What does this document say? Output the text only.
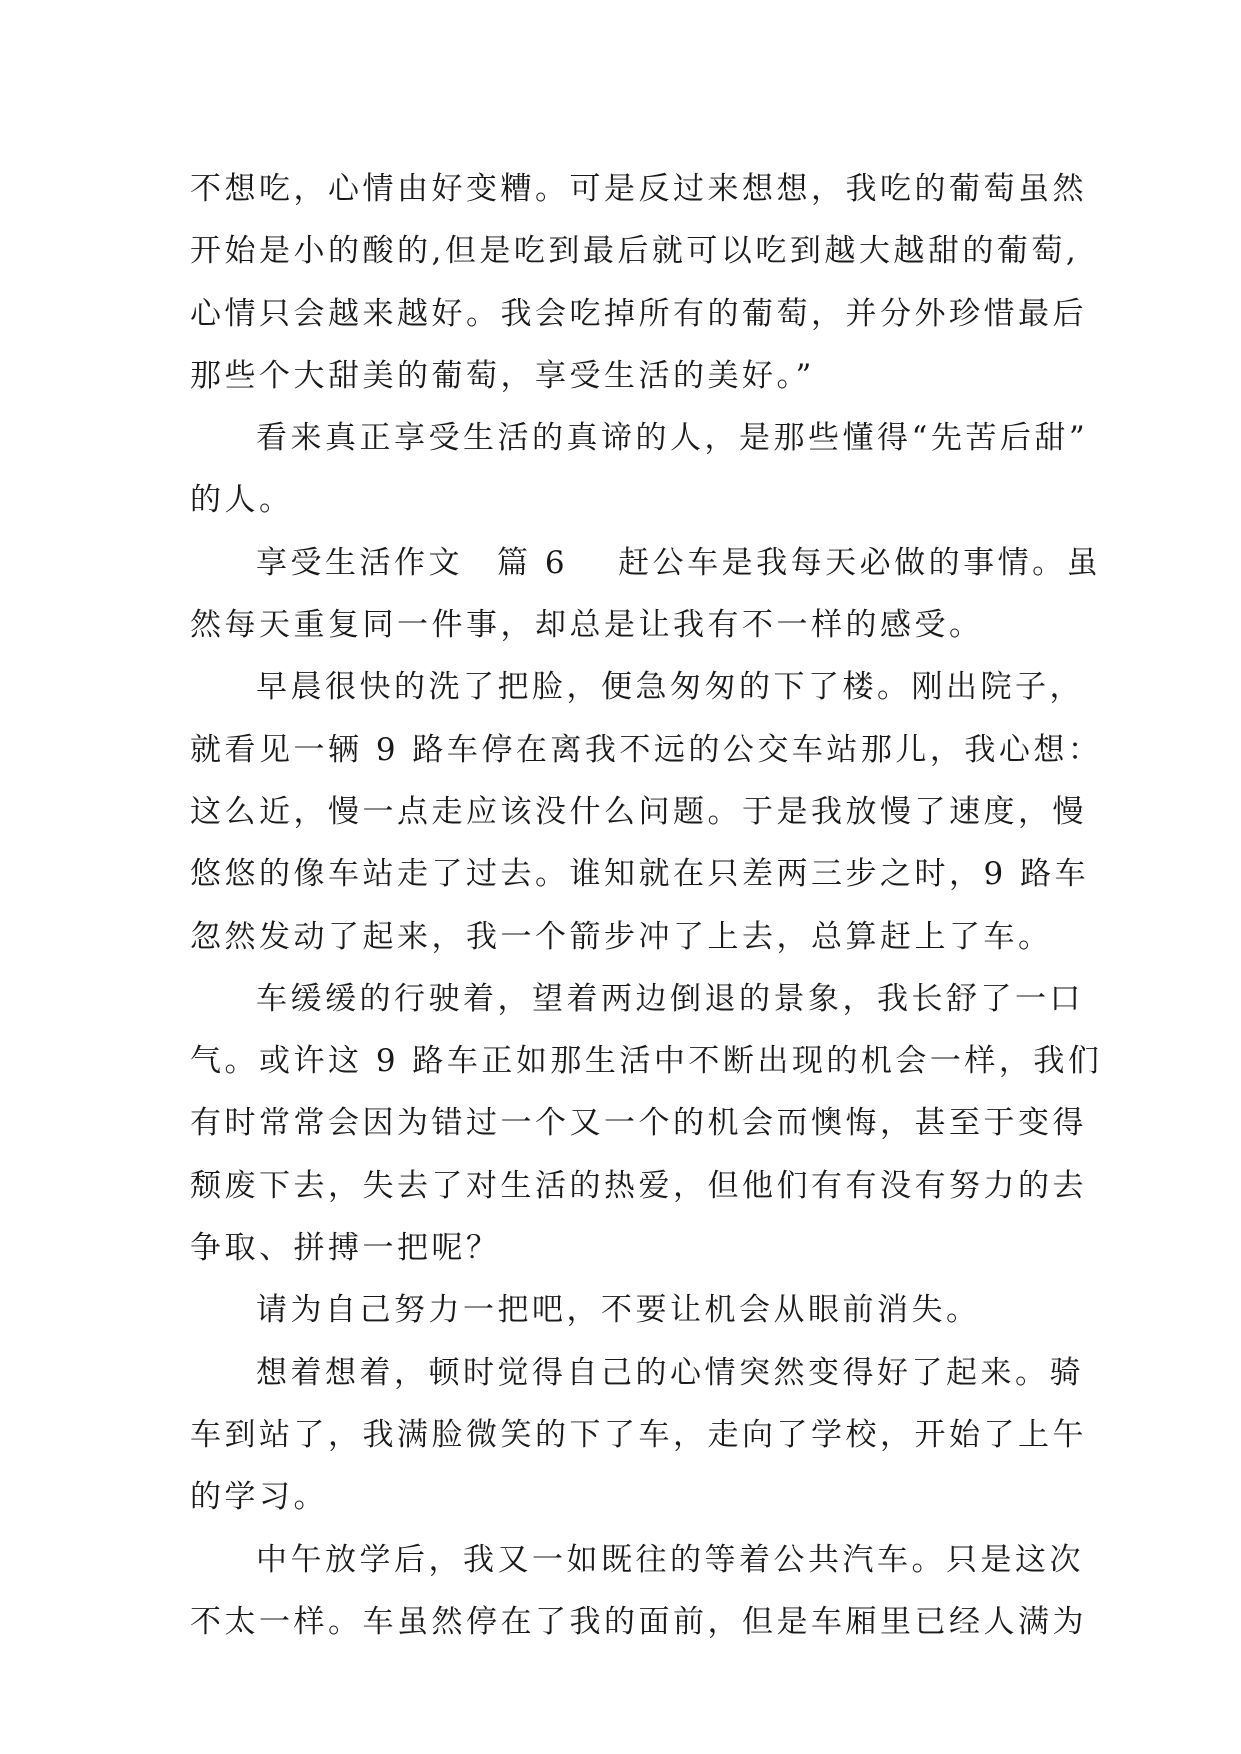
不想吃，心情由好变糟。可是反过来想想，我吃的葡萄虽然
开始是小的酸的,但是吃到最后就可以吃到越大越甜的葡萄,
心情只会越来越好。我会吃掉所有的葡萄，并分外珍惜最后
那些个大甜美的葡萄，享受生活的美好。”
看来真正享受生活的真谛的人，是那些懂得“先苦后甜”
的人。
享受生活作文 篇 6 赶公车是我每天必做的事情。虽
然每天重复同一件事，却总是让我有不一样的感受。
早晨很快的洗了把脸，便急匆匆的下了楼。刚出院子，
就看见一辆 9 路车停在离我不远的公交车站那儿，我心想：
这么近，慢一点走应该没什么问题。于是我放慢了速度，慢
悠悠的像车站走了过去。谁知就在只差两三步之时，9 路车
忽然发动了起来，我一个箭步冲了上去，总算赶上了车。
车缓缓的行驶着，望着两边倒退的景象，我长舒了一口
气。或许这 9 路车正如那生活中不断出现的机会一样，我们
有时常常会因为错过一个又一个的机会而懊悔，甚至于变得
颓废下去，失去了对生活的热爱，但他们有有没有努力的去
争取、拼搏一把呢？
请为自己努力一把吧，不要让机会从眼前消失。
想着想着，顿时觉得自己的心情突然变得好了起来。骑
车到站了，我满脸微笑的下了车，走向了学校，开始了上午
的学习。
中午放学后，我又一如既往的等着公共汽车。只是这次
不太一样。车虽然停在了我的面前，但是车厢里已经人满为
